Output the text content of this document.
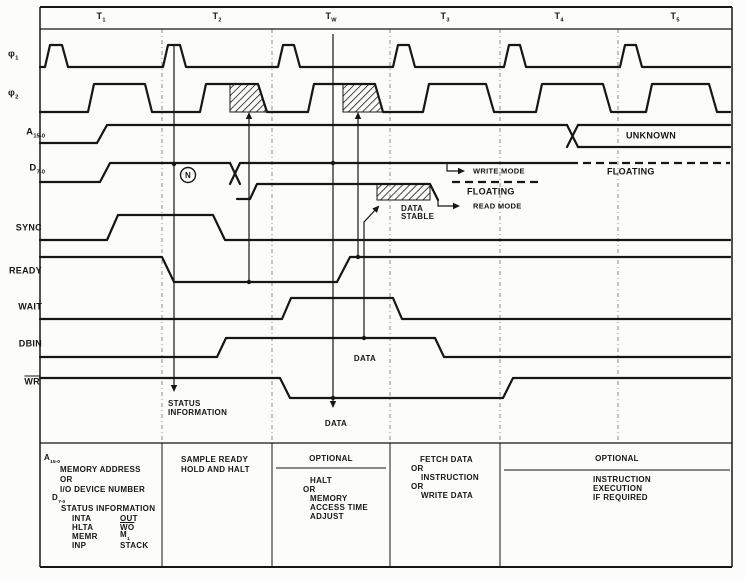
$T_1$	$T_2$	$T_W$	$T_3$	$T_4$	$T_5$
$\varphi_1$
$\varphi_2$
$A_{15-0}$
$D_{7-0}$
SYNC
READY
WAIT
DBIN
$\overline{WR}$
N
UNKNOWN
FLOATING
WRITE MODE
FLOATING
READ MODE
DATA
STABLE
DATA
DATA
STATUS
INFORMATION
$A_{15-0}$
MEMORY ADDRESS
OR
I/O DEVICE NUMBER
$D_{7-0}$
STATUS INFORMATION
INTA	OUT
HLTA	$\overline{WO}$
MEMR	$M_1$
INP	STACK
SAMPLE READY
HOLD AND HALT
OPTIONAL
HALT
OR
MEMORY
ACCESS TIME
ADJUST
FETCH DATA
OR
INSTRUCTION
OR
WRITE DATA
OPTIONAL
INSTRUCTION
EXECUTION
IF REQUIRED
